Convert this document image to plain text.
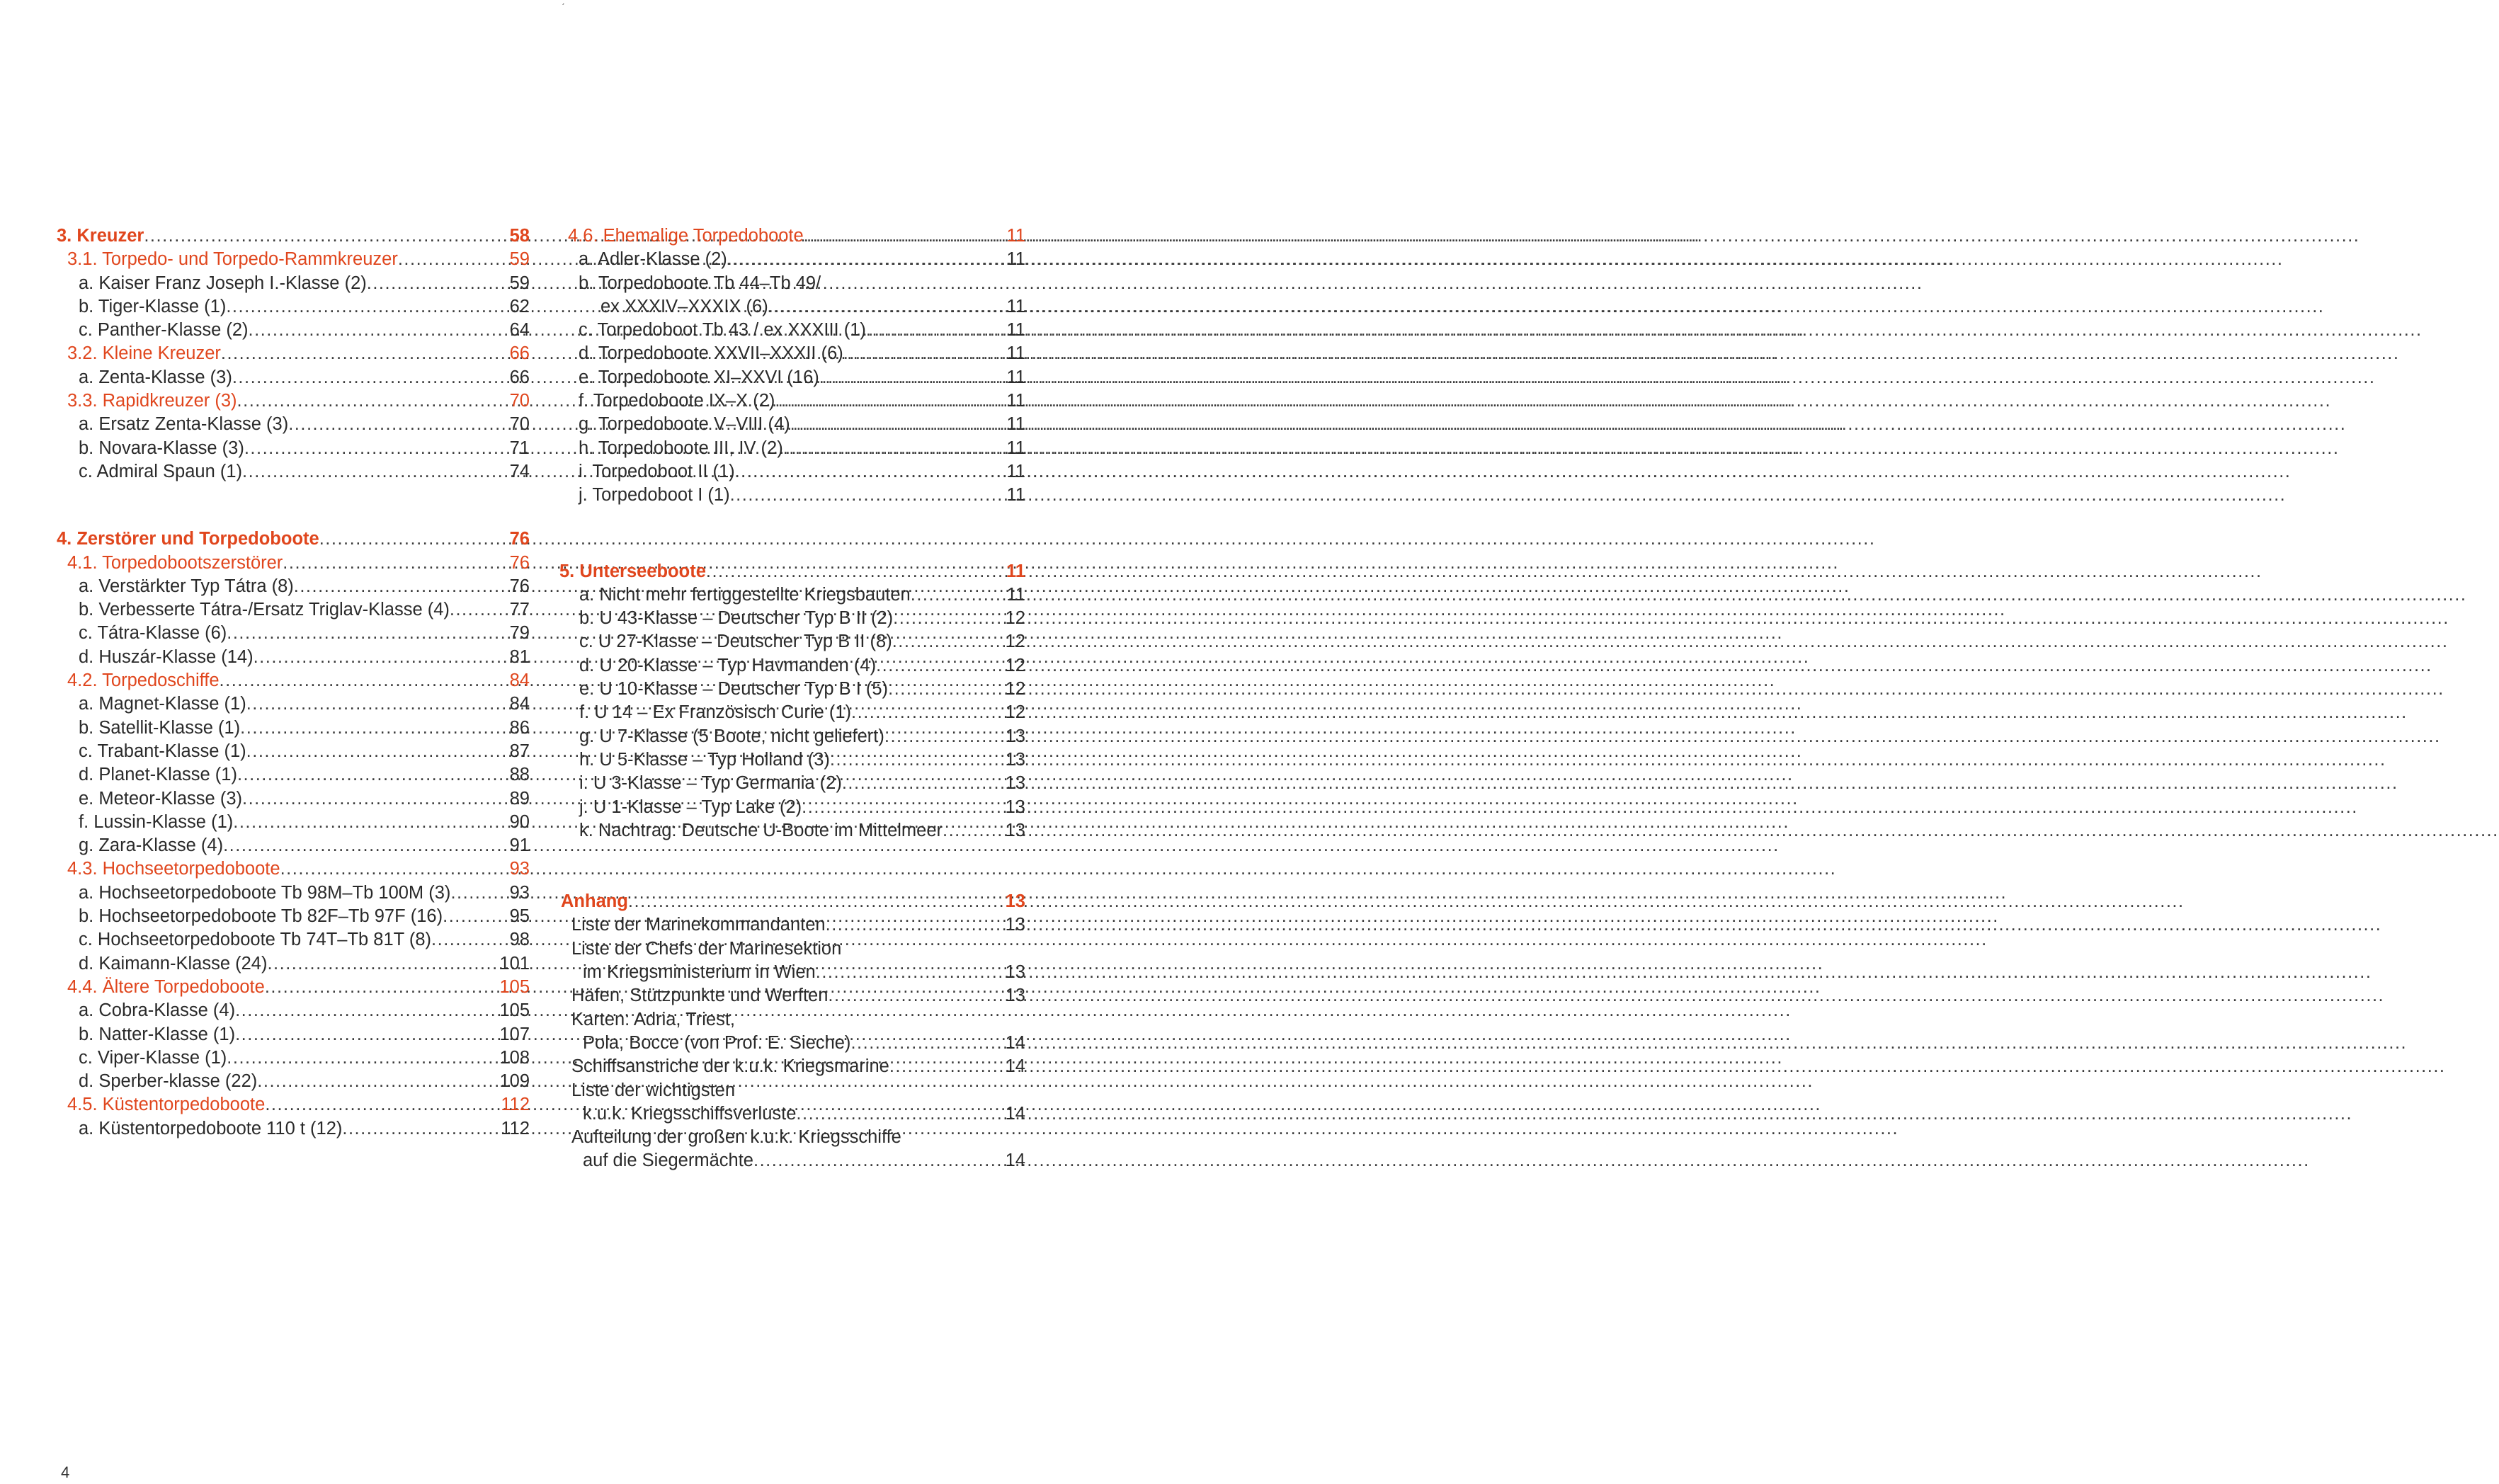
ˊ
3. Kreuzer .....	58
3.1. Torpedo- und Torpedo-Rammkreuzer .....	59
a. Kaiser Franz Joseph I.-Klasse (2) .....	59
b. Tiger-Klasse (1) .....	62
c. Panther-Klasse (2) .....	64
3.2. Kleine Kreuzer .....	66
a. Zenta-Klasse (3) .....	66
3.3. Rapidkreuzer (3) .....	70
a. Ersatz Zenta-Klasse (3) .....	70
b. Novara-Klasse (3) .....	71
c. Admiral Spaun (1) .....	74
4. Zerstörer und Torpedoboote .....	76
4.1. Torpedobootszerstörer .....	76
a. Verstärkter Typ Tátra (8) .....	76
b. Verbesserte Tátra-/Ersatz Triglav-Klasse (4) .....	77
c. Tátra-Klasse (6) .....	79
d. Huszár-Klasse (14) .....	81
4.2. Torpedoschiffe .....	84
a. Magnet-Klasse (1) .....	84
b. Satellit-Klasse (1) .....	86
c. Trabant-Klasse (1) .....	87
d. Planet-Klasse (1) .....	88
e. Meteor-Klasse (3) .....	89
f. Lussin-Klasse (1) .....	90
g. Zara-Klasse (4) .....	91
4.3. Hochseetorpedoboote .....	93
a. Hochseetorpedoboote Tb 98M–Tb 100M (3) .....	93
b. Hochseetorpedoboote Tb 82F–Tb 97F (16) .....	95
c. Hochseetorpedoboote Tb 74T–Tb 81T (8) .....	98
d. Kaimann-Klasse (24) .....	101
4.4. Ältere Torpedoboote .....	105
a. Cobra-Klasse (4) .....	105
b. Natter-Klasse (1) .....	107
c. Viper-Klasse (1) .....	108
d. Sperber-klasse (22) .....	109
4.5. Küstentorpedoboote .....	112
a. Küstentorpedoboote 110 t (12) .....	112
4.6. Ehemalige Torpedoboote .....	11
a. Adler-Klasse (2) .....	11
b. Torpedoboote Tb 44–Tb 49/
ex XXXIV–XXXIX (6) .....	11
c. Torpedoboot Tb 43 / ex XXXIII (1) .....	11
d. Torpedoboote XXVII–XXXII (6) .....	11
e. Torpedoboote XI–XXVI (16) .....	11
f. Torpedoboote IX–X (2) .....	11
g. Torpedoboote V–VIII (4) .....	11
h. Torpedoboote III, IV (2) .....	11
i. Torpedoboot II (1) .....	11
j. Torpedoboot I (1) .....	11
5. Unterseeboote .....	11
a. Nicht mehr fertiggestellte Kriegsbauten .....	11
b. U 43-Klasse – Deutscher Typ B II (2) .....	12
c. U 27-Klasse – Deutscher Typ B II (8) .....	12
d. U 20-Klasse – Typ Havmanden (4) .....	12
e. U 10-Klasse – Deutscher Typ B I (5) .....	12
f. U 14 – Ex Französisch Curie (1) .....	12
g. U 7-Klasse (5 Boote, nicht geliefert) .....	13
h. U 5-Klasse – Typ Holland (3) .....	13
i. U 3-Klasse – Typ Germania (2) .....	13
j. U 1-Klasse – Typ Lake (2) .....	13
k. Nachtrag: Deutsche U-Boote im Mittelmeer .....	13
Anhang .....	13
Liste der Marinekommandanten .....	13
Liste der Chefs der Marinesektion
im Kriegsministerium in Wien .....	13
Häfen, Stützpunkte und Werften .....	13
Karten: Adria, Triest,
Pola, Bocce (von Prof. E. Sieche) .....	14
Schiffsanstriche der k.u.k. Kriegsmarine .....	14
Liste der wichtigsten
k.u.k. Kriegsschiffsverluste .....	14
Aufteilung der großen k.u.k. Kriegsschiffe
auf die Siegermächte .....	14
4
